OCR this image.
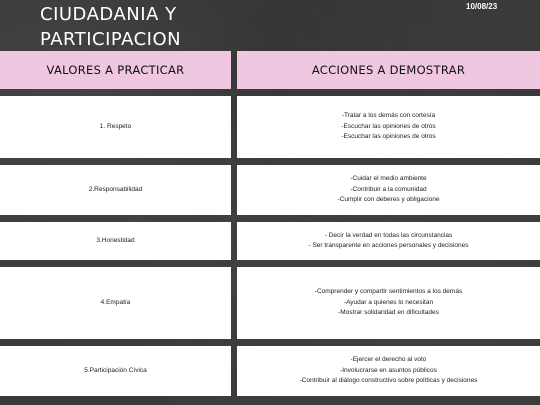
CIUDADANIA Y
PARTICIPACION
10/08/23
VALORES A PRACTICAR	ACCIONES A DEMOSTRAR
1. Respeto
-Tratar a los demás con cortesía
-Escuchar las opiniones de otros
-Escuchar las opiniones de otros
2.Responsabilidad
-Cuidar el medio ambiente
-Contribuir a la comunidad
-Cumplir con deberes y obligacione
3.Honestidad
- Decir la verdad en todas las circunstancias
- Ser transparente en acciones personales y decisiones
4.Empatía
-Comprender y compartir sentimientos a los demás
-Ayudar a quienes lo necesitan
-Mostrar solidaridad en dificultades
5.Participación Cívica
-Ejercer el derecho al voto
-Involucrarse en asuntos públicos
-Contribuir al diálogo constructivo sobre políticas y decisiones
